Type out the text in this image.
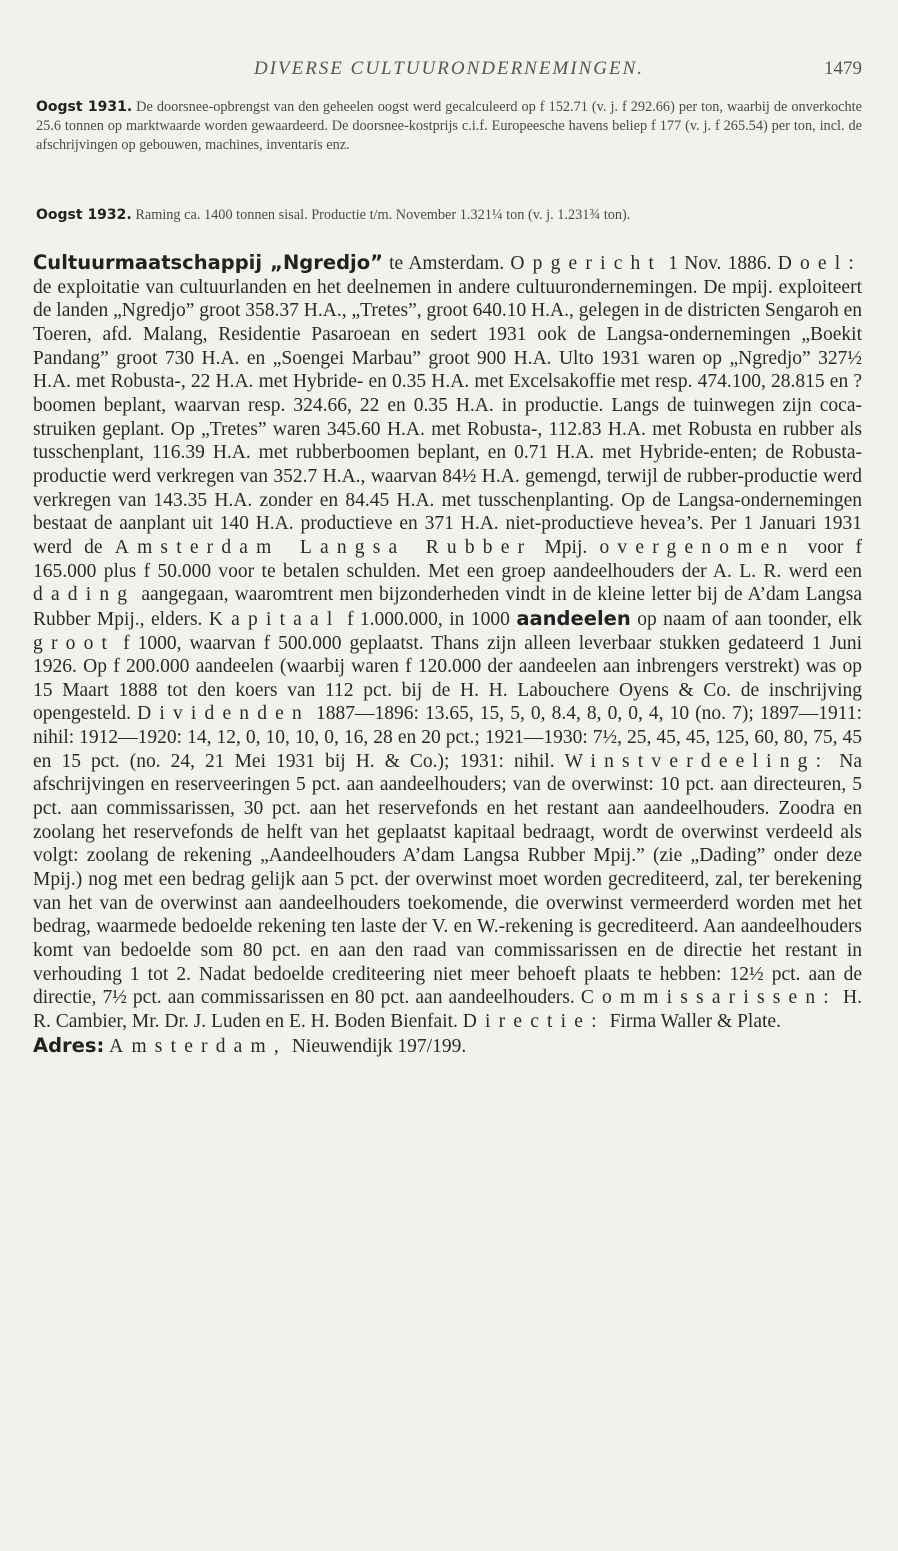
DIVERSE CULTUURONDERNEMINGEN.	1479
Oogst 1931. De doorsnee-opbrengst van den geheelen oogst werd gecalculeerd op f 152.71 (v. j. f 292.66) per ton, waarbij de onverkochte 25.6 tonnen op marktwaarde worden gewaardeerd. De doorsnee-kostprijs c.i.f. Europeesche havens beliep f 177 (v. j. f 265.54) per ton, incl. de afschrijvingen op gebouwen, machines, inventaris enz.
Oogst 1932. Raming ca. 1400 tonnen sisal. Productie t/m. November 1.321¼ ton (v. j. 1.231¾ ton).
Cultuurmaatschappij „Ngredjo” te Amsterdam. Opgericht 1 Nov. 1886. Doel: de exploitatie van cultuurlanden en het deelnemen in andere cultuurondernemingen. De mpij. exploiteert de landen „Ngredjo” groot 358.37 H.A., „Tretes”, groot 640.10 H.A., gelegen in de districten Sengaroh en Toeren, afd. Malang, Residentie Pasaroean en sedert 1931 ook de Langsa-ondernemingen „Boekit Pandang” groot 730 H.A. en „Soengei Marbau” groot 900 H.A. Ulto 1931 waren op „Ngredjo” 327½ H.A. met Robusta-, 22 H.A. met Hybride- en 0.35 H.A. met Excelsakoffie met resp. 474.100, 28.815 en ? boomen beplant, waarvan resp. 324.66, 22 en 0.35 H.A. in productie. Langs de tuinwegen zijn coca-struiken geplant. Op „Tretes” waren 345.60 H.A. met Robusta-, 112.83 H.A. met Robusta en rubber als tusschenplant, 116.39 H.A. met rubberboomen beplant, en 0.71 H.A. met Hybride-enten; de Robusta-productie werd verkregen van 352.7 H.A., waarvan 84½ H.A. gemengd, terwijl de rubber-productie werd verkregen van 143.35 H.A. zonder en 84.45 H.A. met tusschenplanting. Op de Langsa-ondernemingen bestaat de aanplant uit 140 H.A. productieve en 371 H.A. niet-productieve hevea’s. Per 1 Januari 1931 werd de Amsterdam Langsa Rubber Mpij. overgenomen voor f 165.000 plus f 50.000 voor te betalen schulden. Met een groep aandeelhouders der A. L. R. werd een dading aangegaan, waaromtrent men bijzonderheden vindt in de kleine letter bij de A’dam Langsa Rubber Mpij., elders. Kapitaal f 1.000.000, in 1000 aandeelen op naam of aan toonder, elk groot f 1000, waarvan f 500.000 geplaatst. Thans zijn alleen leverbaar stukken gedateerd 1 Juni 1926. Op f 200.000 aandeelen (waarbij waren f 120.000 der aandeelen aan inbrengers verstrekt) was op 15 Maart 1888 tot den koers van 112 pct. bij de H. H. Labouchere Oyens & Co. de inschrijving opengesteld. Dividenden 1887—1896: 13.65, 15, 5, 0, 8.4, 8, 0, 0, 4, 10 (no. 7); 1897—1911: nihil: 1912—1920: 14, 12, 0, 10, 10, 0, 16, 28 en 20 pct.; 1921—1930: 7½, 25, 45, 45, 125, 60, 80, 75, 45 en 15 pct. (no. 24, 21 Mei 1931 bij H. & Co.); 1931: nihil. Winstverdeeling: Na afschrijvingen en reserveeringen 5 pct. aan aandeelhouders; van de overwinst: 10 pct. aan directeuren, 5 pct. aan commissarissen, 30 pct. aan het reservefonds en het restant aan aandeelhouders. Zoodra en zoolang het reservefonds de helft van het geplaatst kapitaal bedraagt, wordt de overwinst verdeeld als volgt: zoolang de rekening „Aandeelhouders A’dam Langsa Rubber Mpij.” (zie „Dading” onder deze Mpij.) nog met een bedrag gelijk aan 5 pct. der overwinst moet worden gecrediteerd, zal, ter berekening van het van de overwinst aan aandeelhouders toekomende, die overwinst vermeerderd worden met het bedrag, waarmede bedoelde rekening ten laste der V. en W.-rekening is gecrediteerd. Aan aandeelhouders komt van bedoelde som 80 pct. en aan den raad van commissarissen en de directie het restant in verhouding 1 tot 2. Nadat bedoelde crediteering niet meer behoeft plaats te hebben: 12½ pct. aan de directie, 7½ pct. aan commissarissen en 80 pct. aan aandeelhouders. Commissarissen: H. R. Cambier, Mr. Dr. J. Luden en E. H. Boden Bienfait. Directie: Firma Waller & Plate.
Adres: Amsterdam, Nieuwendijk 197/199.
